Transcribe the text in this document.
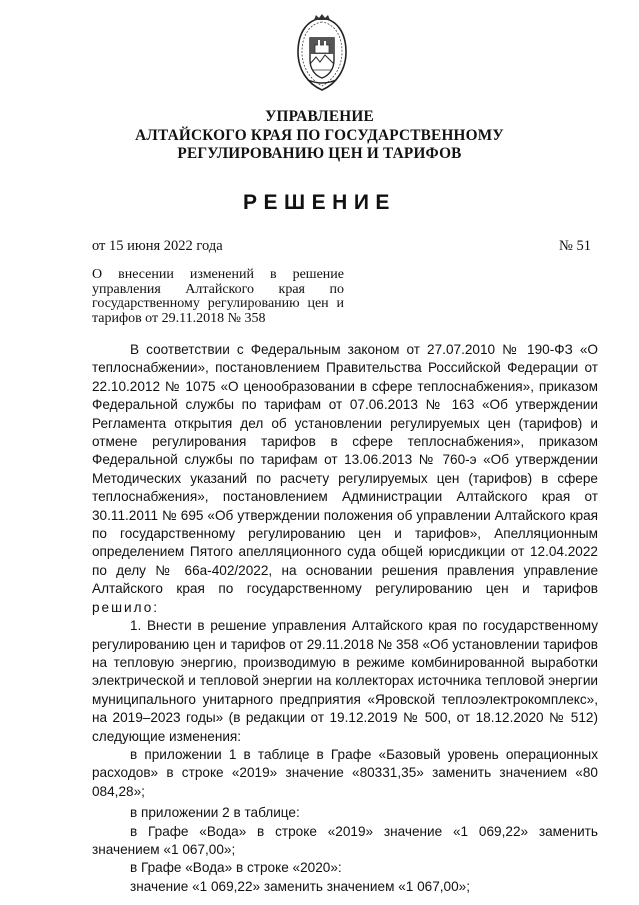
УПРАВЛЕНИЕ
АЛТАЙСКОГО КРАЯ ПО ГОСУДАРСТВЕННОМУ
РЕГУЛИРОВАНИЮ ЦЕН И ТАРИФОВ
РЕШЕНИЕ
от 15 июня 2022 года	№ 51
О внесении изменений в решение управления Алтайского края по государственному регулированию цен и тарифов от 29.11.2018 № 358

В соответствии с Федеральным законом от 27.07.2010 № 190-ФЗ «О теплоснабжении», постановлением Правительства Российской Федерации от 22.10.2012 № 1075 «О ценообразовании в сфере теплоснабжения», приказом Федеральной службы по тарифам от 07.06.2013 № 163 «Об утверждении Регламента открытия дел об установлении регулируемых цен (тарифов) и отмене регулирования тарифов в сфере теплоснабжения», приказом Федеральной службы по тарифам от 13.06.2013 № 760-э «Об утверждении Методических указаний по расчету регулируемых цен (тарифов) в сфере теплоснабжения», постановлением Администрации Алтайского края от 30.11.2011 № 695 «Об утверждении положения об управлении Алтайского края по государственному регулированию цен и тарифов», Апелляционным определением Пятого апелляционного суда общей юрисдикции от 12.04.2022 по делу № 66а-402/2022, на основании решения правления управление Алтайского края по государственному регулированию цен и тарифов решило:

1. Внести в решение управления Алтайского края по государственному регулированию цен и тарифов от 29.11.2018 № 358 «Об установлении тарифов на тепловую энергию, производимую в режиме комбинированной выработки электрической и тепловой энергии на коллекторах источника тепловой энергии муниципального унитарного предприятия «Яровской теплоэлектрокомплекс», на 2019–2023 годы» (в редакции от 19.12.2019 № 500, от 18.12.2020 № 512) следующие изменения:

в приложении 1 в таблице в Графе «Базовый уровень операционных расходов» в строке «2019» значение «80331,35» заменить значением «80 084,28»;

в приложении 2 в таблице:

в Графе «Вода» в строке «2019» значение «1 069,22» заменить значением «1 067,00»;

в Графе «Вода» в строке «2020»:

значение «1 069,22» заменить значением «1 067,00»;
